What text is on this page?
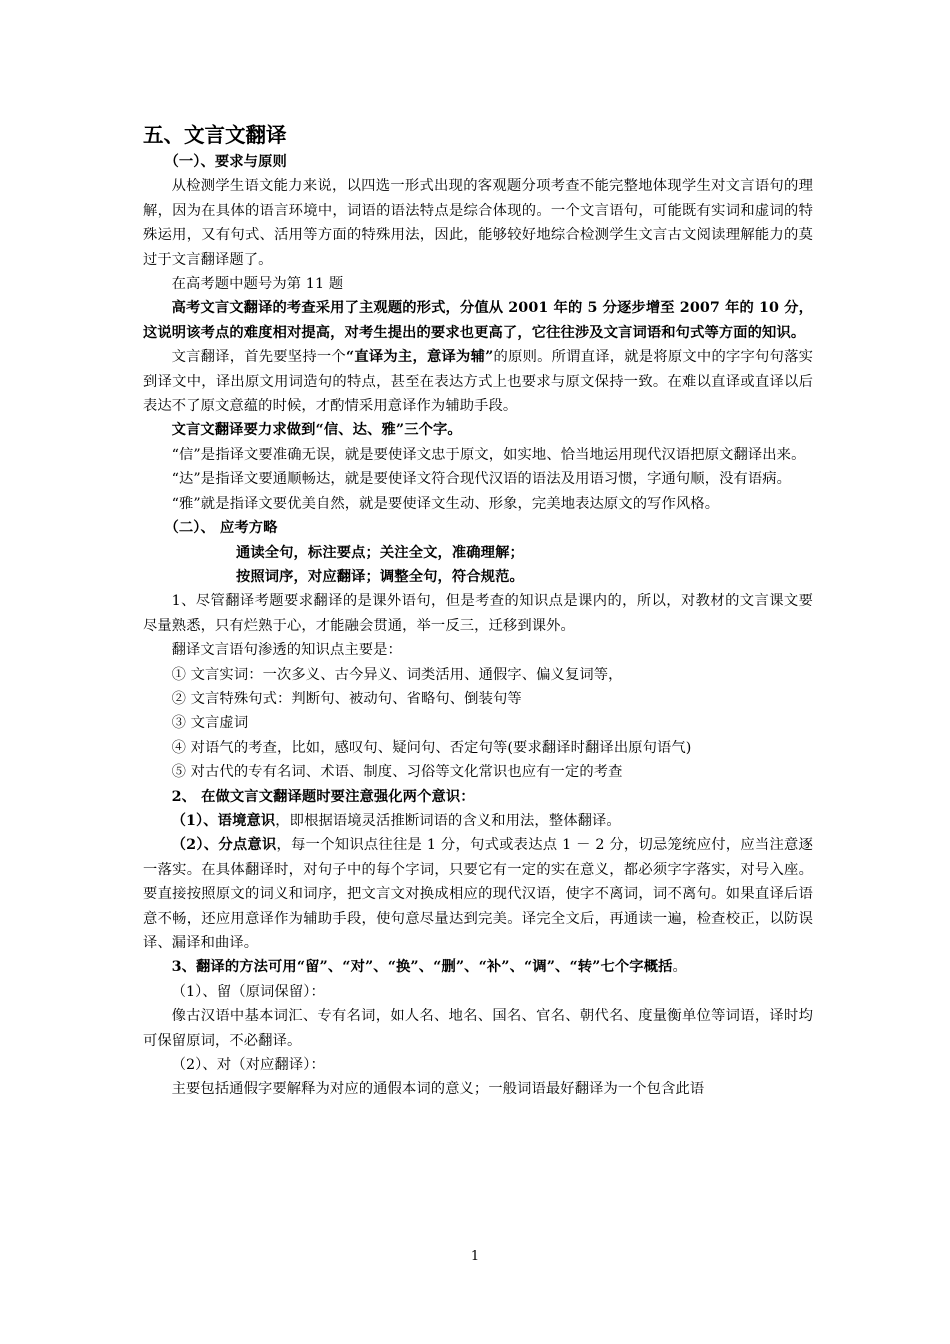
五、文言文翻译

（一）、要求与原则

从检测学生语文能力来说，以四选一形式出现的客观题分项考查不能完整地体现学生对文言语句的理解，因为在具体的语言环境中，词语的语法特点是综合体现的。一个文言语句，可能既有实词和虚词的特殊运用，又有句式、活用等方面的特殊用法，因此，能够较好地综合检测学生文言古文阅读理解能力的莫过于文言翻译题了。

在高考题中题号为第 11 题

高考文言文翻译的考查采用了主观题的形式，分值从 2001 年的 5 分逐步增至 2007 年的 10 分，这说明该考点的难度相对提高，对考生提出的要求也更高了，它往往涉及文言词语和句式等方面的知识。

文言翻译，首先要坚持一个“直译为主，意译为辅”的原则。所谓直译，就是将原文中的字字句句落实到译文中，译出原文用词造句的特点，甚至在表达方式上也要求与原文保持一致。在难以直译或直译以后表达不了原文意蕴的时候，才酌情采用意译作为辅助手段。

文言文翻译要力求做到“信、达、雅”三个字。

“信”是指译文要准确无误，就是要使译文忠于原文，如实地、恰当地运用现代汉语把原文翻译出来。

“达”是指译文要通顺畅达，就是要使译文符合现代汉语的语法及用语习惯，字通句顺，没有语病。

“雅”就是指译文要优美自然，就是要使译文生动、形象，完美地表达原文的写作风格。

（二）、 应考方略

通读全句，标注要点；关注全文，准确理解；

按照词序，对应翻译；调整全句，符合规范。

1、尽管翻译考题要求翻译的是课外语句，但是考查的知识点是课内的，所以，对教材的文言课文要尽量熟悉，只有烂熟于心，才能融会贯通，举一反三，迁移到课外。

翻译文言语句渗透的知识点主要是：

① 文言实词：一次多义、古今异义、词类活用、通假字、偏义复词等，

② 文言特殊句式：判断句、被动句、省略句、倒装句等

③ 文言虚词

④ 对语气的考查，比如，感叹句、疑问句、否定句等(要求翻译时翻译出原句语气)

⑤ 对古代的专有名词、术语、制度、习俗等文化常识也应有一定的考查

2、 在做文言文翻译题时要注意强化两个意识：

（1）、语境意识，即根据语境灵活推断词语的含义和用法，整体翻译。

（2）、分点意识，每一个知识点往往是 1 分，句式或表达点 1 － 2 分，切忌笼统应付，应当注意逐一落实。在具体翻译时，对句子中的每个字词，只要它有一定的实在意义，都必须字字落实，对号入座。要直接按照原文的词义和词序，把文言文对换成相应的现代汉语，使字不离词，词不离句。如果直译后语意不畅，还应用意译作为辅助手段，使句意尽量达到完美。译完全文后，再通读一遍，检查校正，以防误译、漏译和曲译。

3、翻译的方法可用“留”、“对”、“换”、“删”、“补”、“调”、“转”七个字概括。

（1）、留（原词保留）：

像古汉语中基本词汇、专有名词，如人名、地名、国名、官名、朝代名、度量衡单位等词语，译时均可保留原词，不必翻译。

（2）、对（对应翻译）：

主要包括通假字要解释为对应的通假本词的意义；一般词语最好翻译为一个包含此语

1
